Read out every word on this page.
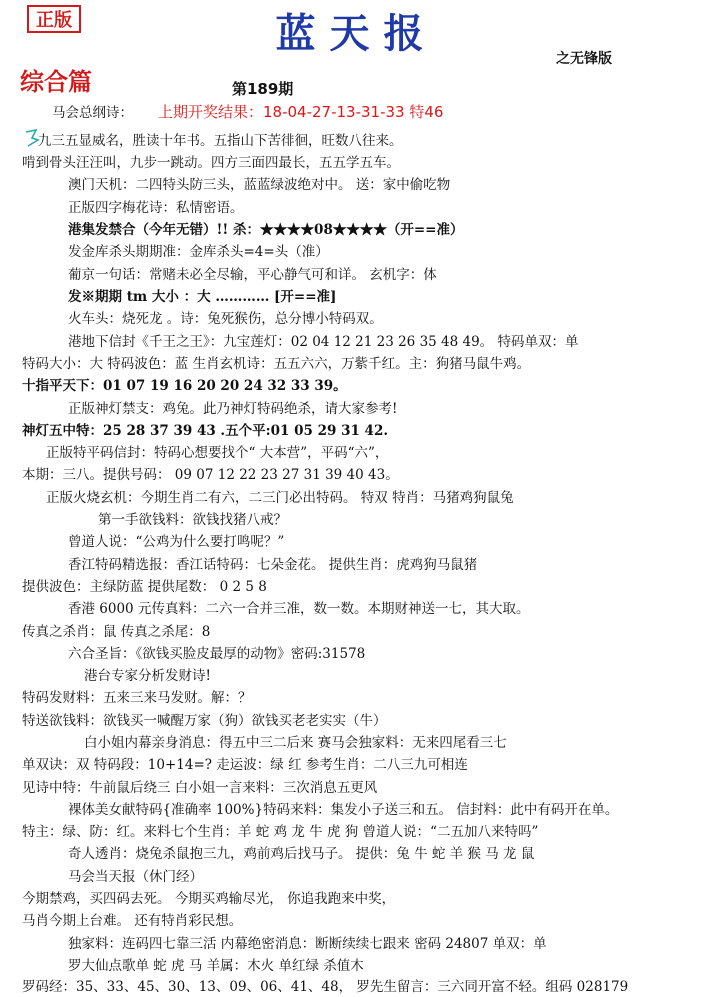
正版	蓝天报
之无锋版
综合篇	第189期
马会总纲诗： 上期开奖结果：18-04-27-13-31-33 特46
九三五显威名，胜读十年书。五指山下苦徘徊，旺数八往来。
啃到骨头汪汪叫，九步一跳动。四方三面四最长，五五学五车。
澳门天机：二四特头防三头，蓝蓝绿波绝对中。 送：家中偷吃物
正版四字梅花诗：私情密语。
港集发禁合（今年无错）!! 杀：★★★★08★★★★（开==准）
发金库杀头期期准：金库杀头=4=头（准）
葡京一句话：常赌未必全尽输，平心静气可和详。 玄机字：体
发※期期 tm 大小 ：大 ………… [开==准]
火车头：烧死龙 。诗：兔死猴伤，总分博小特码双。
港地下信封《千王之王》：九宝莲灯：02 04 12 21 23 26 35 48 49。 特码单双：单
特码大小：大 特码波色：蓝 生肖玄机诗：五五六六，万紫千红。主：狗猪马鼠牛鸡。
十指平天下：01 07 19 16 20 20 24 32 33 39。
正版神灯禁支：鸡兔。此乃神灯特码绝杀，请大家参考!
神灯五中特：25 28 37 39 43 .五个平:01 05 29 31 42.
正版特平码信封：特码心想要找个“ 大本营”，平码“六”，
本期：三八。提供号码： 09 07 12 22 23 27 31 39 40 43。
正版火烧玄机：今期生肖二有六，二三门必出特码。 特双 特肖：马猪鸡狗鼠兔
第一手欲钱料：欲钱找猪八戒？
曾道人说：“公鸡为什么要打鸣呢？”
香江特码精选报：香江话特码：七朵金花。 提供生肖：虎鸡狗马鼠猪
提供波色：主绿防蓝 提供尾数： 0 2 5 8
香港 6000 元传真料：二六一合并三准，数一数。本期财神送一七，其大取。
传真之杀肖：鼠 传真之杀尾：8
六合圣旨：《欲钱买脸皮最厚的动物》密码:31578
港台专家分析发财诗!
特码发财料：五来三来马发财。解：？
特送欲钱料：欲钱买一喊醒万家（狗）欲钱买老老实实（牛）
白小姐内幕亲身消息：得五中三二后来 赛马会独家料：无来四尾看三七
单双诀：双 特码段：10+14=? 走运波：绿 红 参考生肖：二八三九可相连
见诗中特：牛前鼠后绕三 白小姐一言来料：三次消息五更风
裸体美女献特码{准确率 100%}特码来料：集发小子送三和五。 信封料：此中有码开在单。
特主：绿、防：红。来料七个生肖：羊 蛇 鸡 龙 牛 虎 狗 曾道人说：“二五加八来特吗”
奇人透肖：烧兔杀鼠抱三九，鸡前鸡后找马子。 提供：兔 牛 蛇 羊 猴 马 龙 鼠
马会当天报（休门经）
今期禁鸡，买四码去死。 今期买鸡输尽光， 你追我跑来中奖，
马肖今期上台难。 还有特肖彩民想。
独家料：连码四七靠三活 内幕绝密消息：断断续续七跟来 密码 24807 单双：单
罗大仙点歌单 蛇 虎 马 羊属：木火 单红绿 杀值木
罗码经：35、33、45、30、13、09、06、41、48， 罗先生留言：三六同开富不轻。组码 028179
